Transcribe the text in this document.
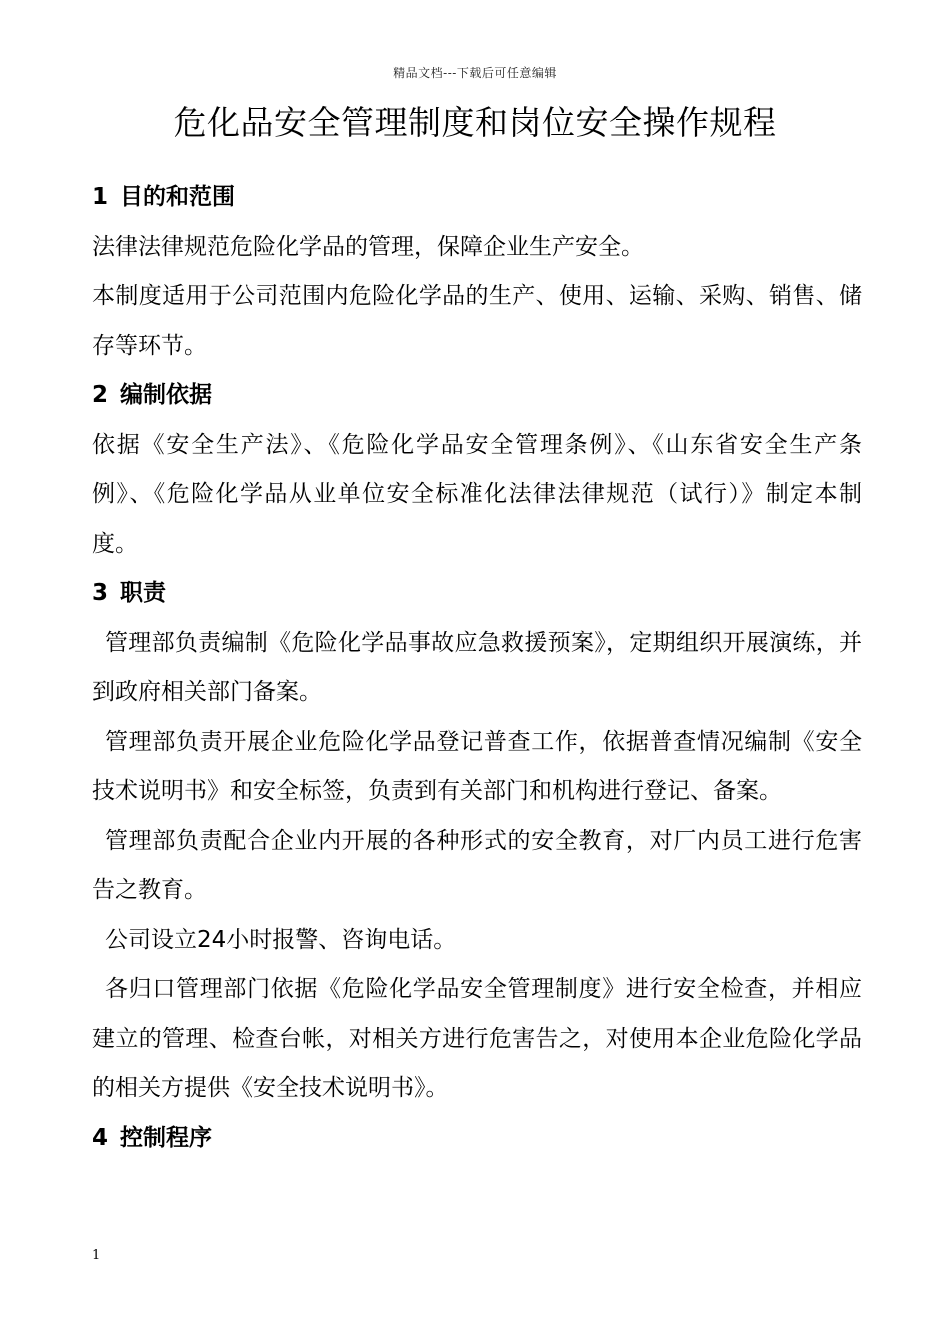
精品文档---下载后可任意编辑
危化品安全管理制度和岗位安全操作规程
1 目的和范围

法律法律规范危险化学品的管理，保障企业生产安全。

本制度适用于公司范围内危险化学品的生产、使用、运输、采购、销售、储存等环节。

2 编制依据

依据《安全生产法》、《危险化学品安全管理条例》、《山东省安全生产条例》、《危险化学品从业单位安全标准化法律法律规范（试行）》制定本制度。

3 职责

管理部负责编制《危险化学品事故应急救援预案》，定期组织开展演练，并到政府相关部门备案。

管理部负责开展企业危险化学品登记普查工作，依据普查情况编制《安全技术说明书》和安全标签，负责到有关部门和机构进行登记、备案。

管理部负责配合企业内开展的各种形式的安全教育，对厂内员工进行危害告之教育。

公司设立24小时报警、咨询电话。

各归口管理部门依据《危险化学品安全管理制度》进行安全检查，并相应建立的管理、检查台帐，对相关方进行危害告之，对使用本企业危险化学品的相关方提供《安全技术说明书》。

4 控制程序
1
